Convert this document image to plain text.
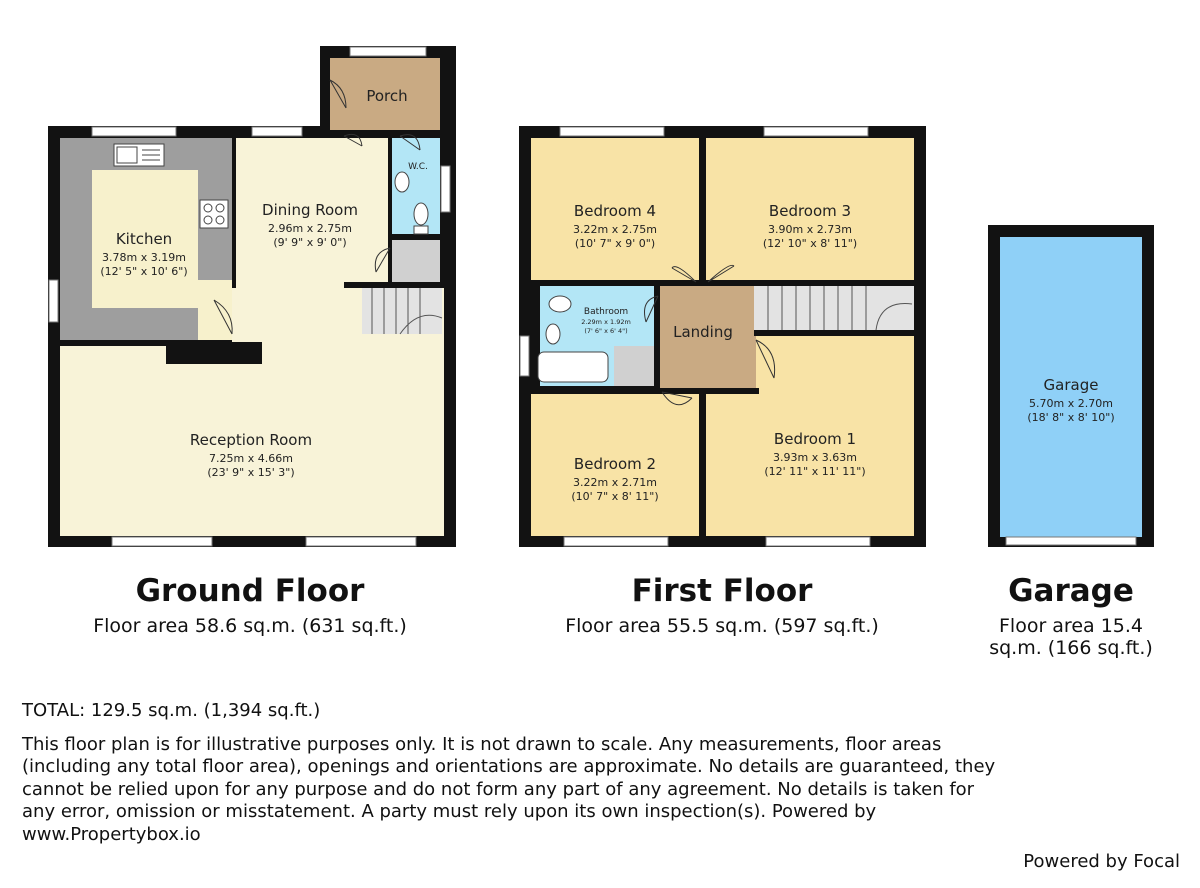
Porch
W.C.
Kitchen
3.78m x 3.19m
(12' 5" x 10' 6")
Dining Room
2.96m x 2.75m
(9' 9" x 9' 0")
Reception Room
7.25m x 4.66m
(23' 9" x 15' 3")
Bedroom 4
3.22m x 2.75m
(10' 7" x 9' 0")
Bedroom 3
3.90m x 2.73m
(12' 10" x 8' 11")
Bathroom
2.29m x 1.92m
(7' 6" x 6' 4")	Landing
Bedroom 2
3.22m x 2.71m
(10' 7" x 8' 11")
Bedroom 1
3.93m x 3.63m
(12' 11" x 11' 11")
Garage
5.70m x 2.70m
(18' 8" x 8' 10")
Ground Floor
Floor area 58.6 sq.m. (631 sq.ft.)
First Floor
Floor area 55.5 sq.m. (597 sq.ft.)
Garage
Floor area 15.4
sq.m. (166 sq.ft.)
TOTAL: 129.5 sq.m. (1,394 sq.ft.)
This floor plan is for illustrative purposes only. It is not drawn to scale. Any measurements, floor areas (including any total floor area), openings and orientations are approximate. No details are guaranteed, they cannot be relied upon for any purpose and do not form any part of any agreement. No details is taken for any error, omission or misstatement. A party must rely upon its own inspection(s). Powered by www.Propertybox.io
Powered by Focal
